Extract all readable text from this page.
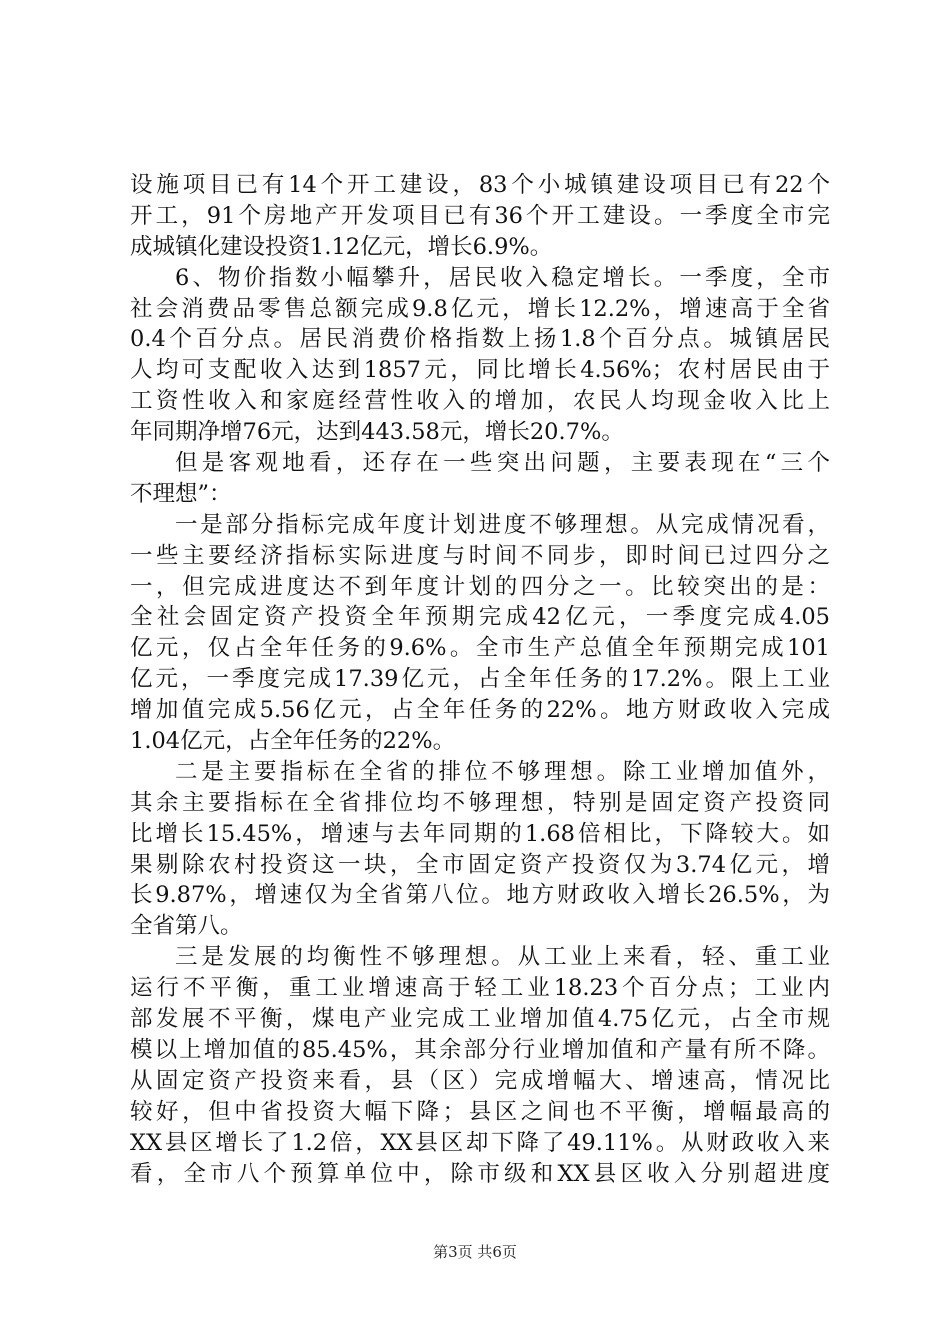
设施项目已有14个开工建设，83个小城镇建设项目已有22个
开工，91个房地产开发项目已有36个开工建设。一季度全市完
成城镇化建设投资1.12亿元，增长6.9%。
6、物价指数小幅攀升，居民收入稳定增长。一季度，全市
社会消费品零售总额完成9.8亿元，增长12.2%，增速高于全省
0.4个百分点。居民消费价格指数上扬1.8个百分点。城镇居民
人均可支配收入达到1857元，同比增长4.56%；农村居民由于
工资性收入和家庭经营性收入的增加，农民人均现金收入比上
年同期净增76元，达到443.58元，增长20.7%。
但是客观地看，还存在一些突出问题，主要表现在“三个
不理想”：
一是部分指标完成年度计划进度不够理想。从完成情况看，
一些主要经济指标实际进度与时间不同步，即时间已过四分之
一，但完成进度达不到年度计划的四分之一。比较突出的是：
全社会固定资产投资全年预期完成42亿元，一季度完成4.05
亿元，仅占全年任务的9.6%。全市生产总值全年预期完成101
亿元，一季度完成17.39亿元，占全年任务的17.2%。限上工业
增加值完成5.56亿元，占全年任务的22%。地方财政收入完成
1.04亿元，占全年任务的22%。
二是主要指标在全省的排位不够理想。除工业增加值外，
其余主要指标在全省排位均不够理想，特别是固定资产投资同
比增长15.45%，增速与去年同期的1.68倍相比，下降较大。如
果剔除农村投资这一块，全市固定资产投资仅为3.74亿元，增
长9.87%，增速仅为全省第八位。地方财政收入增长26.5%，为
全省第八。
三是发展的均衡性不够理想。从工业上来看，轻、重工业
运行不平衡，重工业增速高于轻工业18.23个百分点；工业内
部发展不平衡，煤电产业完成工业增加值4.75亿元，占全市规
模以上增加值的85.45%，其余部分行业增加值和产量有所不降。
从固定资产投资来看，县（区）完成增幅大、增速高，情况比
较好，但中省投资大幅下降；县区之间也不平衡，增幅最高的
XX县区增长了1.2倍，XX县区却下降了49.11%。从财政收入来
看，全市八个预算单位中，除市级和XX县区收入分别超进度
第3页 共6页
